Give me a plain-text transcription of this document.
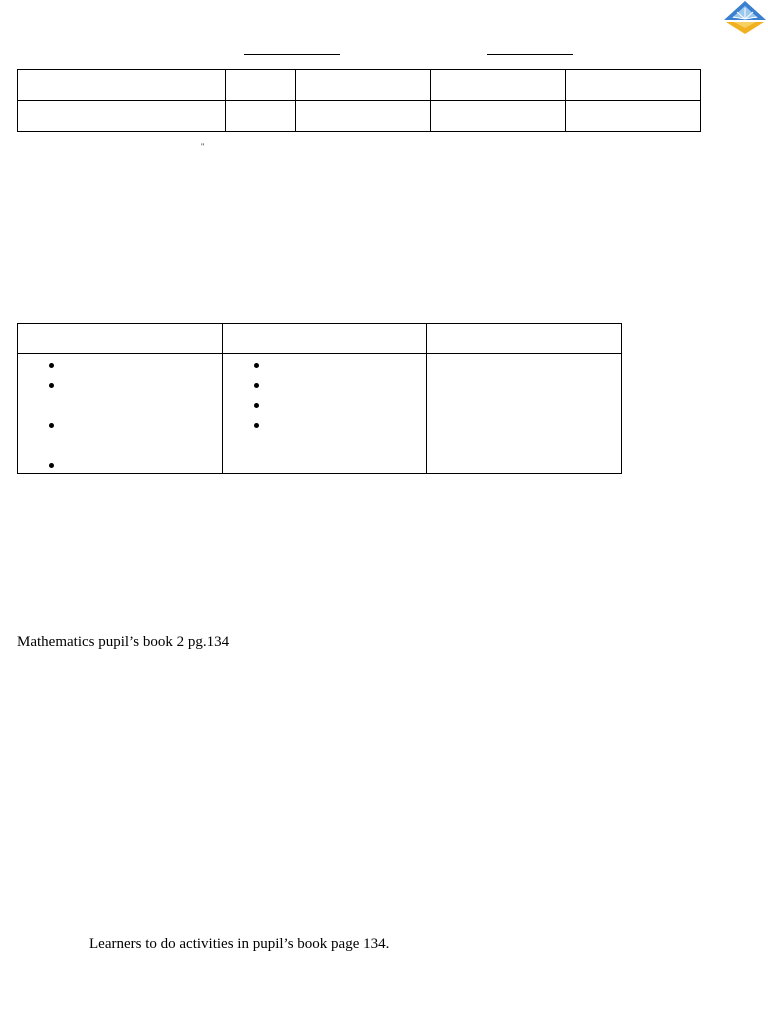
"

Mathematics pupil’s book 2 pg.134
Learners to do activities in pupil’s book page 134.
